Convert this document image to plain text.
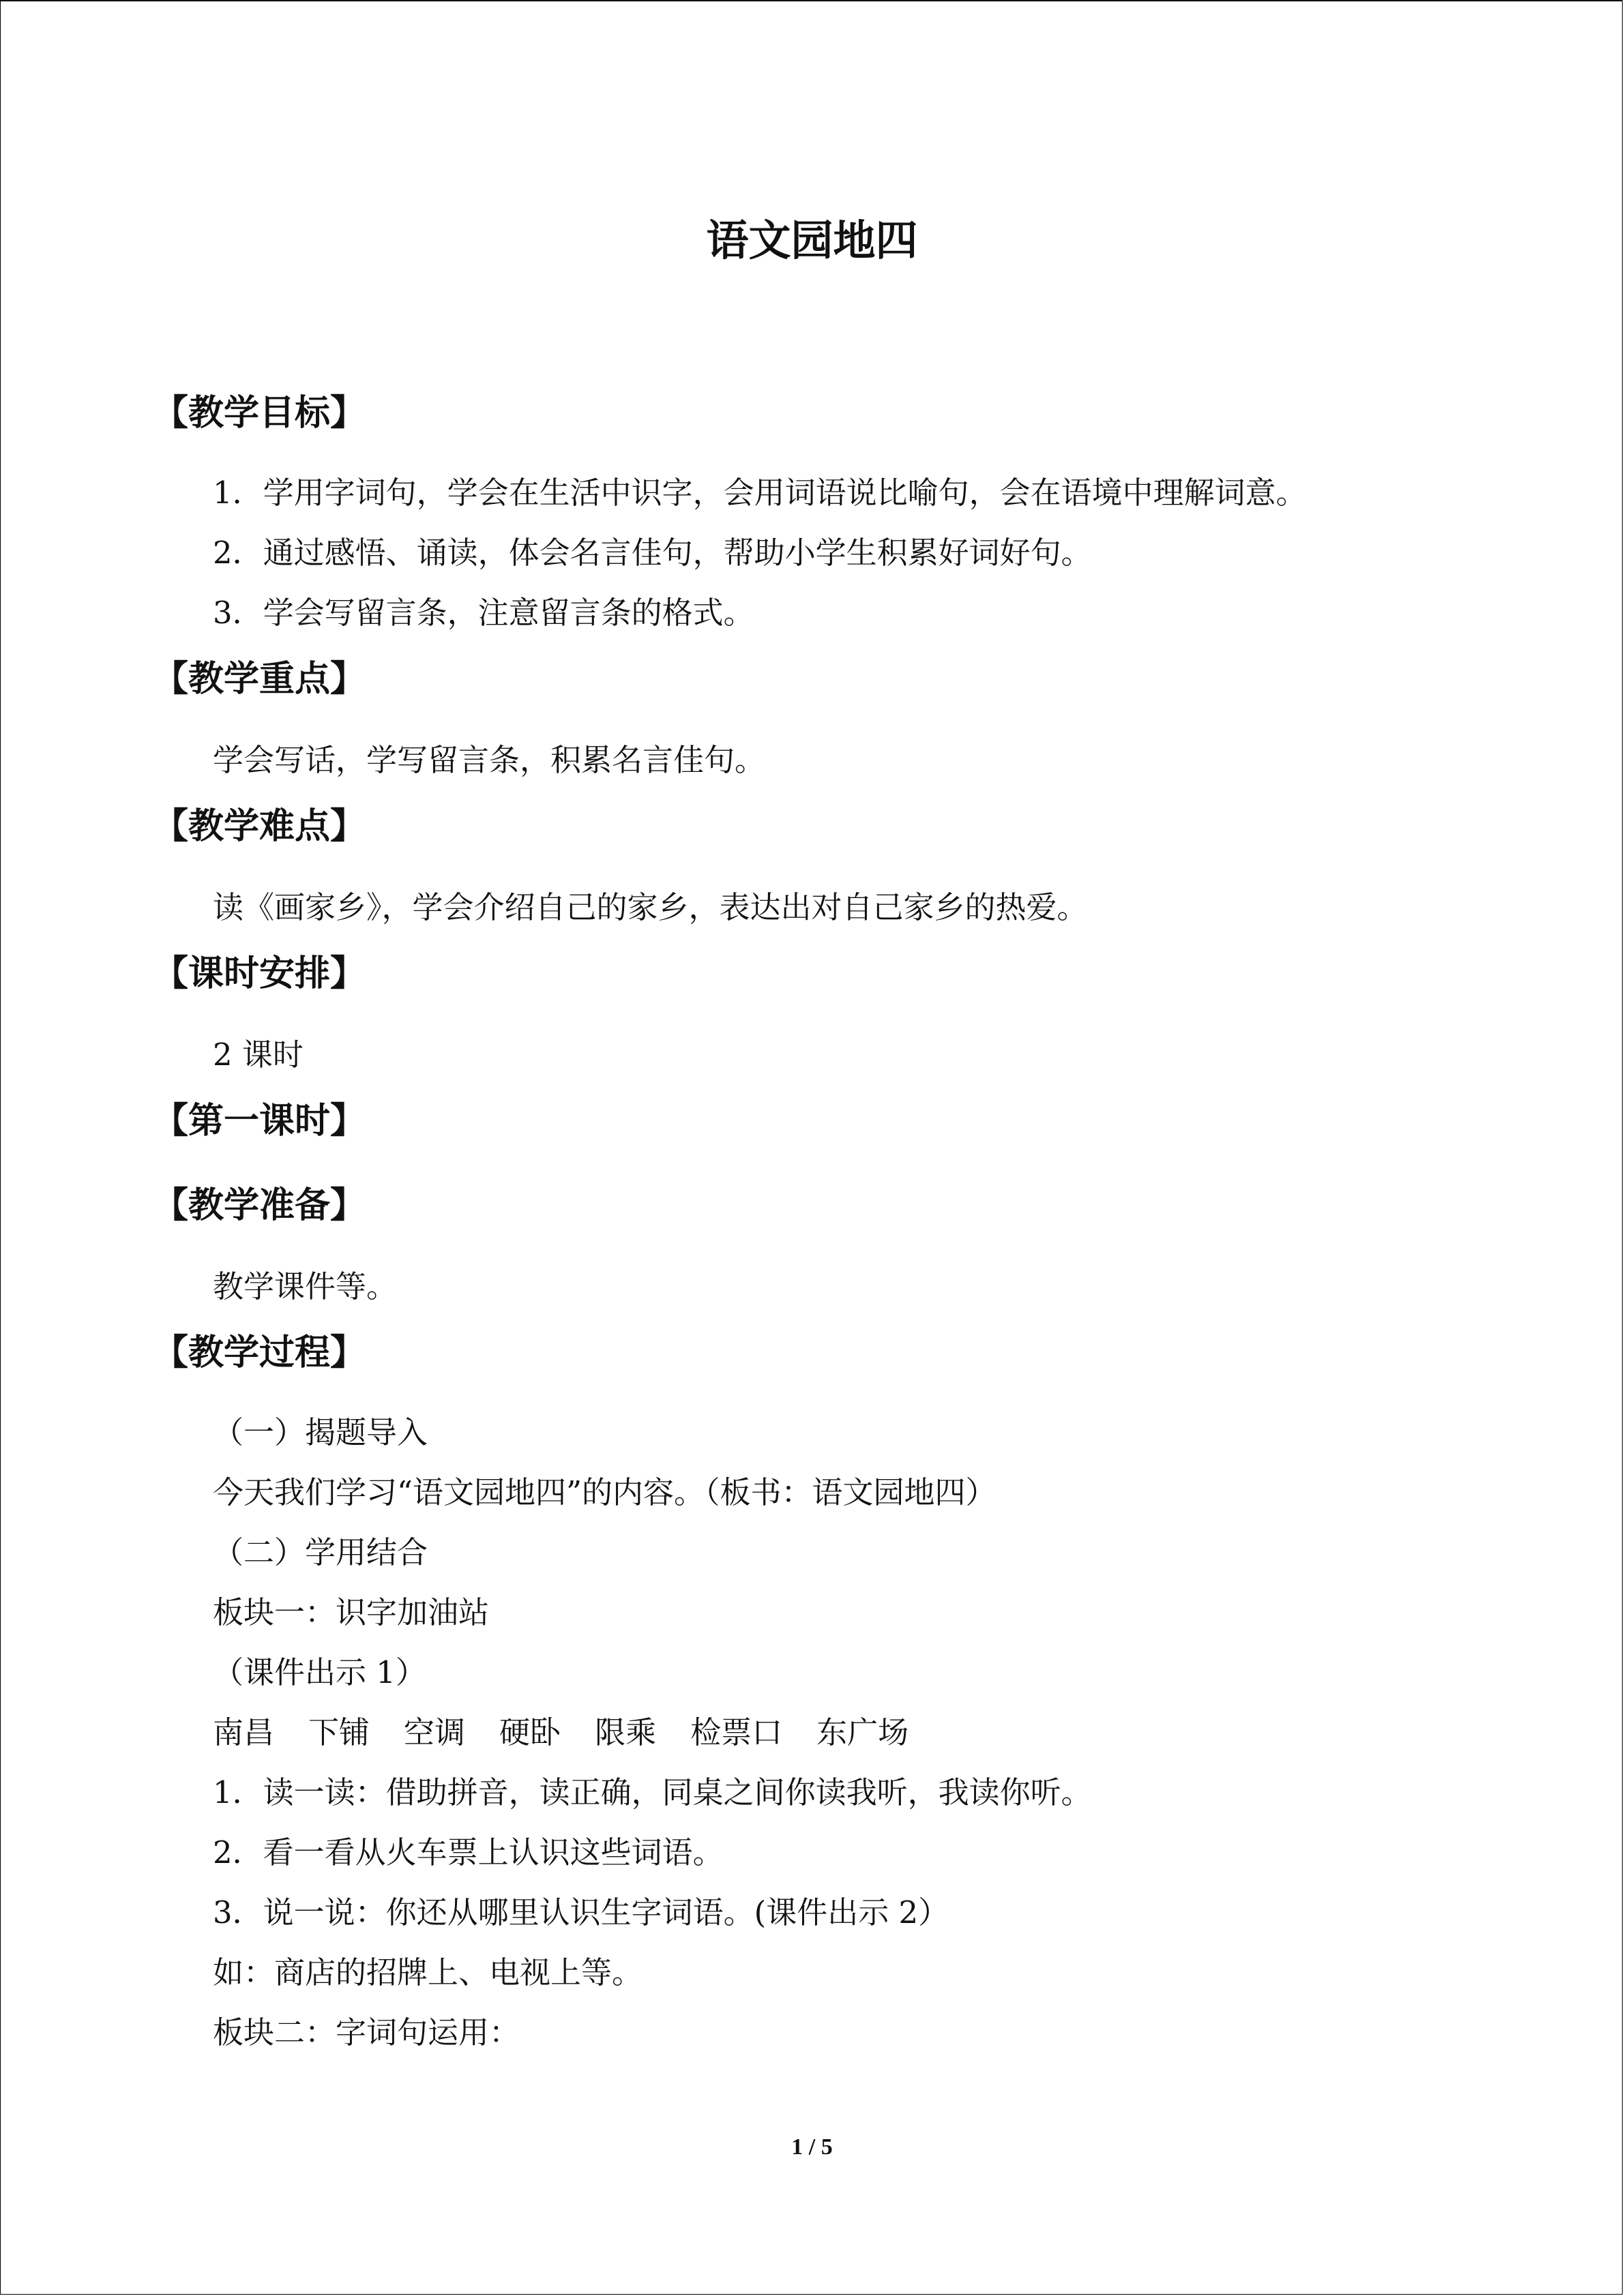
语文园地四
【教学目标】
1．学用字词句，学会在生活中识字，会用词语说比喻句，会在语境中理解词意。
2．通过感悟、诵读，体会名言佳句，帮助小学生积累好词好句。
3．学会写留言条，注意留言条的格式。
【教学重点】
学会写话，学写留言条，积累名言佳句。
【教学难点】
读《画家乡》，学会介绍自己的家乡，表达出对自己家乡的热爱。
【课时安排】
2 课时
【第一课时】
【教学准备】
教学课件等。
【教学过程】
（一）揭题导入
今天我们学习“语文园地四”的内容。（板书：语文园地四）
（二）学用结合
板块一：识字加油站
（课件出示 1）
南昌 下铺 空调 硬卧 限乘 检票口 东广场
1．读一读：借助拼音，读正确，同桌之间你读我听，我读你听。
2．看一看从火车票上认识这些词语。
3．说一说：你还从哪里认识生字词语。(课件出示 2）
如：商店的招牌上、电视上等。
板块二：字词句运用：
1 / 5
